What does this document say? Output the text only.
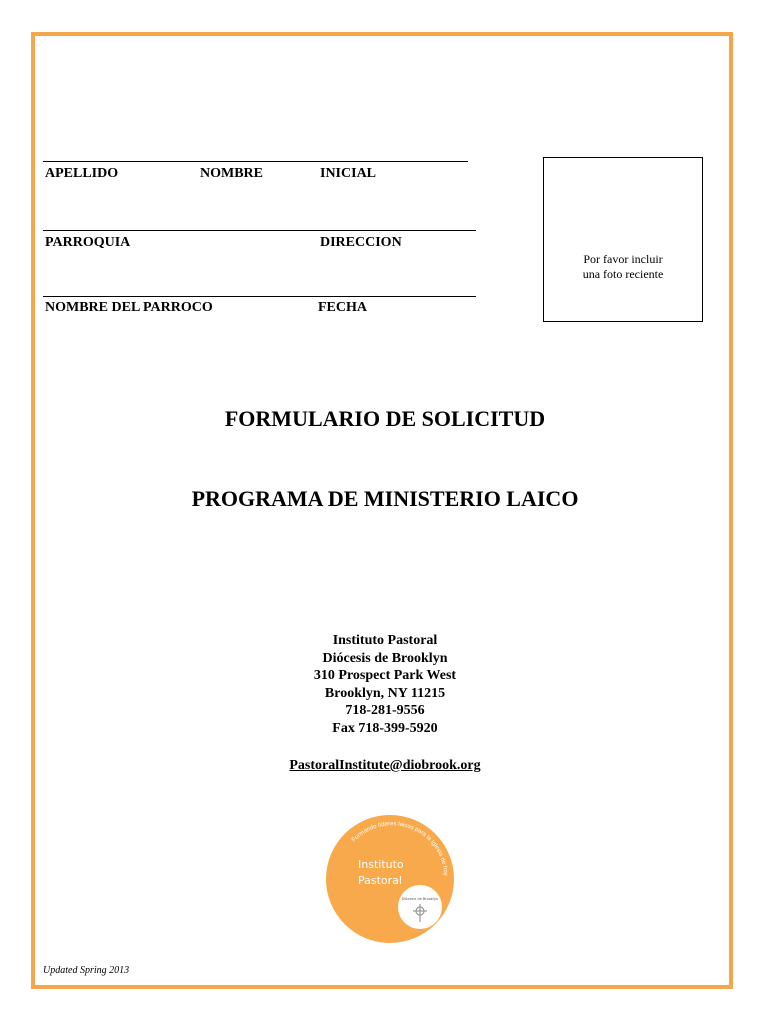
APELLIDO	NOMBRE	INICIAL
PARROQUIA	DIRECCION
NOMBRE DEL PARROCO	FECHA
Por favor incluir
una foto reciente
FORMULARIO DE SOLICITUD
PROGRAMA DE MINISTERIO LAICO
Instituto Pastoral
Diócesis de Brooklyn
310 Prospect Park West
Brooklyn, NY 11215
718-281-9556
Fax 718-399-5920
PastoralInstitute@diobrook.org
Formando líderes laicos para la Iglesia de hoy
Instituto
Pastoral
Diócesis de Brooklyn
Updated Spring 2013
